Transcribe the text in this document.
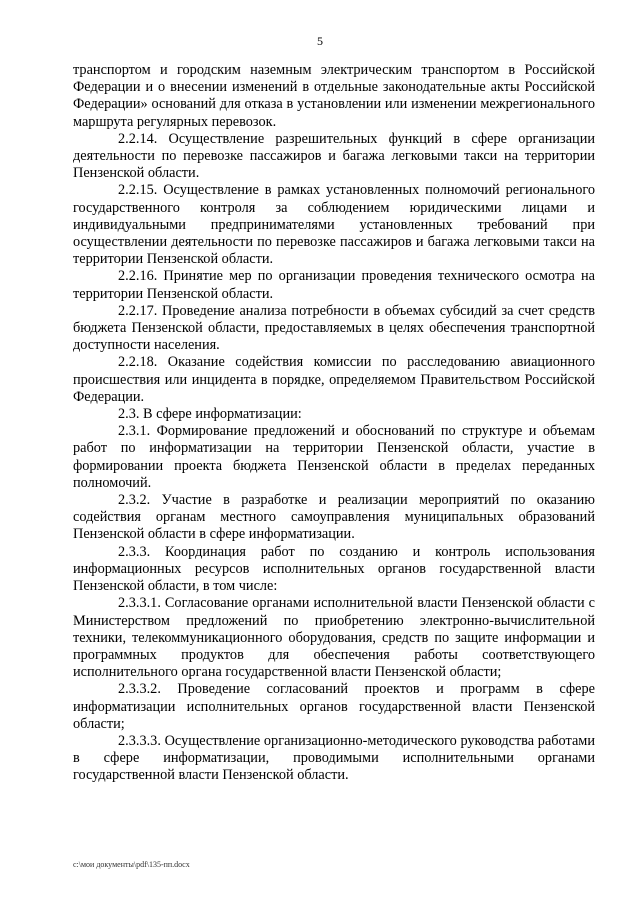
5

транспортом и городским наземным электрическим транспортом в Российской Федерации и о внесении изменений в отдельные законодательные акты Российской Федерации» оснований для отказа в установлении или изменении межрегионального маршрута регулярных перевозок.

2.2.14. Осуществление разрешительных функций в сфере организации деятельности по перевозке пассажиров и багажа легковыми такси на территории Пензенской области.

2.2.15. Осуществление в рамках установленных полномочий регионального государственного контроля за соблюдением юридическими лицами и индивидуальными предпринимателями установленных требований при осуществлении деятельности по перевозке пассажиров и багажа легковыми такси на территории Пензенской области.

2.2.16. Принятие мер по организации проведения технического осмотра на территории Пензенской области.

2.2.17. Проведение анализа потребности в объемах субсидий за счет средств бюджета Пензенской области, предоставляемых в целях обеспечения транспортной доступности населения.

2.2.18. Оказание содействия комиссии по расследованию авиационного происшествия или инцидента в порядке, определяемом Правительством Российской Федерации.

2.3. В сфере информатизации:

2.3.1. Формирование предложений и обоснований по структуре и объемам работ по информатизации на территории Пензенской области, участие в формировании проекта бюджета Пензенской области в пределах переданных полномочий.

2.3.2. Участие в разработке и реализации мероприятий по оказанию содействия органам местного самоуправления муниципальных образований Пензенской области в сфере информатизации.

2.3.3. Координация работ по созданию и контроль использования информационных ресурсов исполнительных органов государственной власти Пензенской области, в том числе:

2.3.3.1. Согласование органами исполнительной власти Пензенской области с Министерством предложений по приобретению электронно-вычислительной техники, телекоммуникационного оборудования, средств по защите информации и программных продуктов для обеспечения работы соответствующего исполнительного органа государственной власти Пензенской области;

2.3.3.2. Проведение согласований проектов и программ в сфере информатизации исполнительных органов государственной власти Пензенской области;

2.3.3.3. Осуществление организационно-методического руководства работами в сфере информатизации, проводимыми исполнительными органами государственной власти Пензенской области.

c:\мои документы\pdf\135-пп.docx
